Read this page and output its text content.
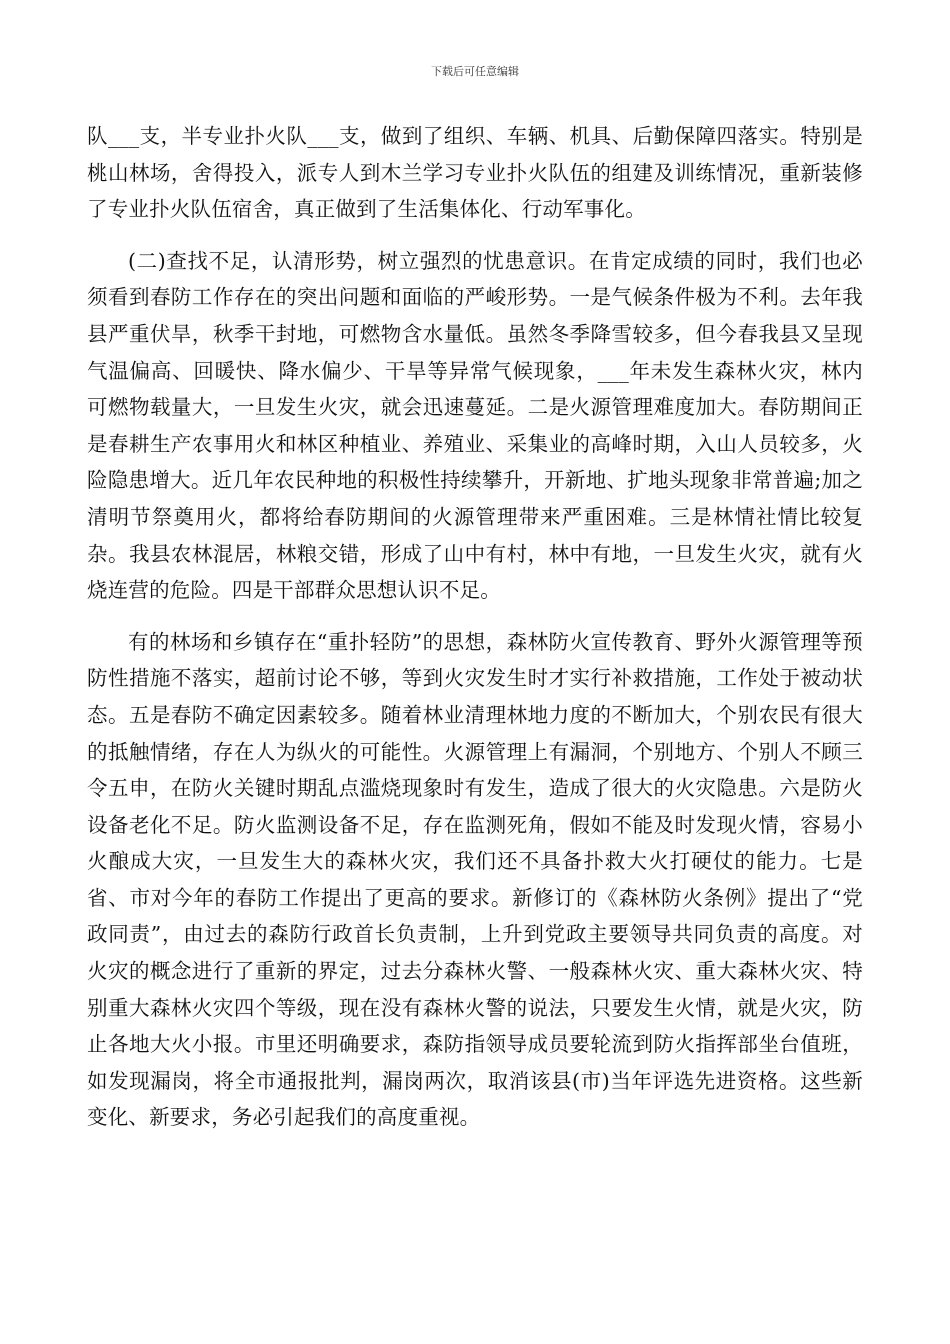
下载后可任意编辑

队___支，半专业扑火队___支，做到了组织、车辆、机具、后勤保障四落实。特别是桃山林场，舍得投入，派专人到木兰学习专业扑火队伍的组建及训练情况，重新装修了专业扑火队伍宿舍，真正做到了生活集体化、行动军事化。

(二)查找不足，认清形势，树立强烈的忧患意识。在肯定成绩的同时，我们也必须看到春防工作存在的突出问题和面临的严峻形势。一是气候条件极为不利。去年我县严重伏旱，秋季干封地，可燃物含水量低。虽然冬季降雪较多，但今春我县又呈现气温偏高、回暖快、降水偏少、干旱等异常气候现象，___年未发生森林火灾，林内可燃物载量大，一旦发生火灾，就会迅速蔓延。二是火源管理难度加大。春防期间正是春耕生产农事用火和林区种植业、养殖业、采集业的高峰时期，入山人员较多，火险隐患增大。近几年农民种地的积极性持续攀升，开新地、扩地头现象非常普遍;加之清明节祭奠用火，都将给春防期间的火源管理带来严重困难。三是林情社情比较复杂。我县农林混居，林粮交错，形成了山中有村，林中有地，一旦发生火灾，就有火烧连营的危险。四是干部群众思想认识不足。

有的林场和乡镇存在“重扑轻防”的思想，森林防火宣传教育、野外火源管理等预防性措施不落实，超前讨论不够，等到火灾发生时才实行补救措施，工作处于被动状态。五是春防不确定因素较多。随着林业清理林地力度的不断加大，个别农民有很大的抵触情绪，存在人为纵火的可能性。火源管理上有漏洞，个别地方、个别人不顾三令五申，在防火关键时期乱点滥烧现象时有发生，造成了很大的火灾隐患。六是防火设备老化不足。防火监测设备不足，存在监测死角，假如不能及时发现火情，容易小火酿成大灾，一旦发生大的森林火灾，我们还不具备扑救大火打硬仗的能力。七是省、市对今年的春防工作提出了更高的要求。新修订的《森林防火条例》提出了“党政同责”，由过去的森防行政首长负责制，上升到党政主要领导共同负责的高度。对火灾的概念进行了重新的界定，过去分森林火警、一般森林火灾、重大森林火灾、特别重大森林火灾四个等级，现在没有森林火警的说法，只要发生火情，就是火灾，防止各地大火小报。市里还明确要求，森防指领导成员要轮流到防火指挥部坐台值班，如发现漏岗，将全市通报批判，漏岗两次，取消该县(市)当年评选先进资格。这些新变化、新要求，务必引起我们的高度重视。
